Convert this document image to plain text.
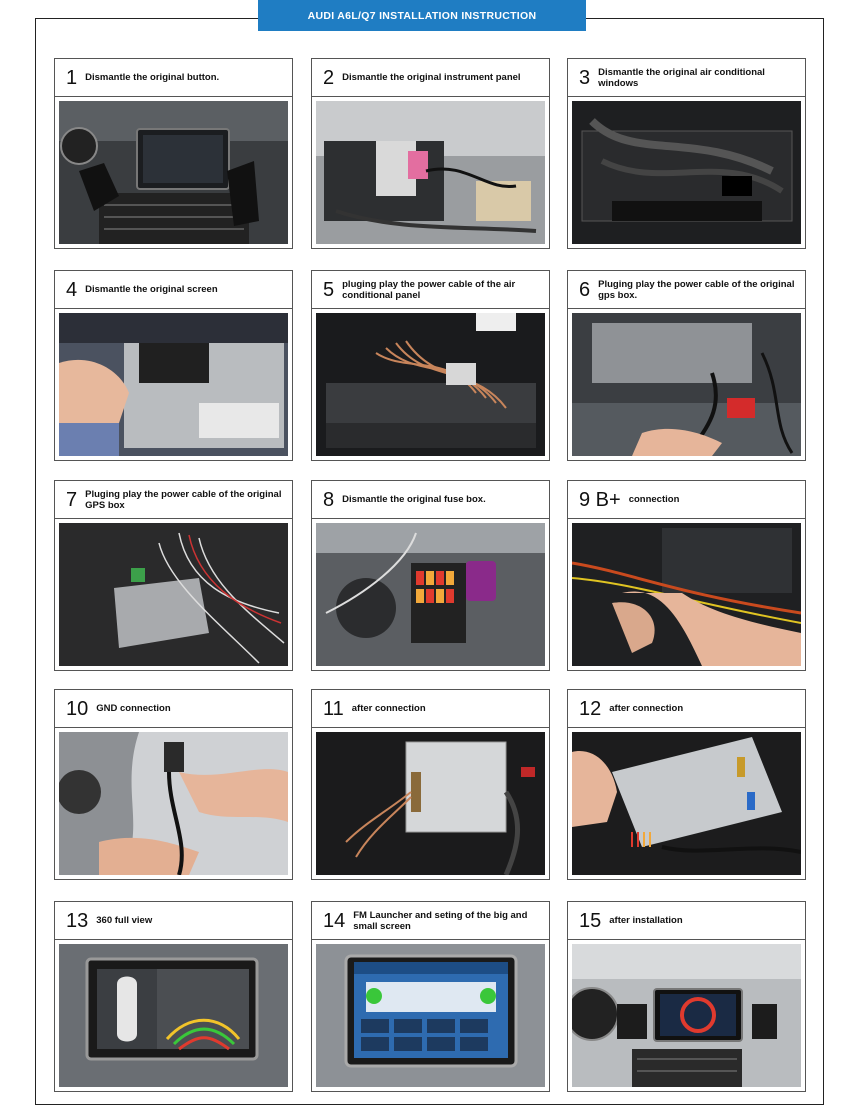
AUDI A6L/Q7 INSTALLATION INSTRUCTION
1 Dismantle the original button.	2 Dismantle the original instrument panel	3 Dismantle the original air conditional windows
4 Dismantle the original screen	5 pluging play the power cable of the air conditional panel	6 Pluging play the power cable of the original gps box.
7 Pluging play the power cable of the original GPS box	8 Dismantle the original fuse box.	9 B+ connection
10 GND connection	11 after connection	12 after connection
13 360 full view	14 FM Launcher and seting of the big and small screen	15 after installation
